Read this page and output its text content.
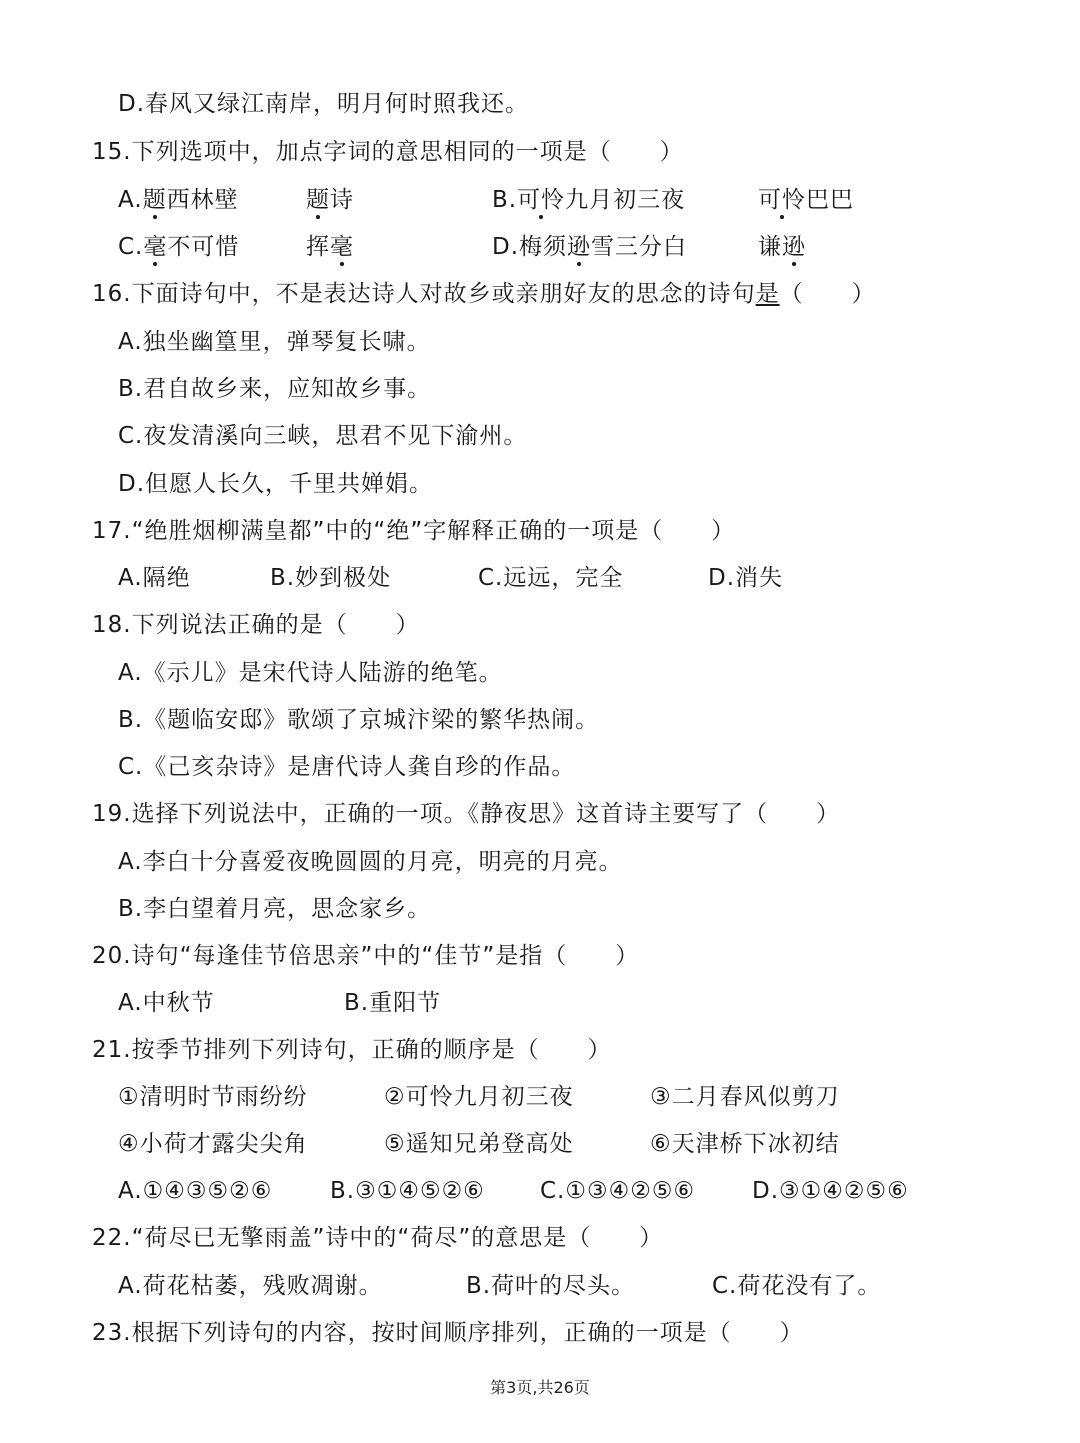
D.春风又绿江南岸，明月何时照我还。
15.下列选项中，加点字词的意思相同的一项是（　　）
A.题西林壁	题诗	B.可怜九月初三夜	可怜巴巴
C.毫不可惜	挥毫	D.梅须逊雪三分白	谦逊
16.下面诗句中，不是表达诗人对故乡或亲朋好友的思念的诗句是（　　）
A.独坐幽篁里，弹琴复长啸。
B.君自故乡来，应知故乡事。
C.夜发清溪向三峡，思君不见下渝州。
D.但愿人长久，千里共婵娟。
17.“绝胜烟柳满皇都”中的“绝”字解释正确的一项是（　　）
A.隔绝	B.妙到极处	C.远远，完全	D.消失
18.下列说法正确的是（　　）
A.《示儿》是宋代诗人陆游的绝笔。
B.《题临安邸》歌颂了京城汴梁的繁华热闹。
C.《己亥杂诗》是唐代诗人龚自珍的作品。
19.选择下列说法中，正确的一项。《静夜思》这首诗主要写了（　　）
A.李白十分喜爱夜晚圆圆的月亮，明亮的月亮。
B.李白望着月亮，思念家乡。
20.诗句“每逢佳节倍思亲”中的“佳节”是指（　　）
A.中秋节	B.重阳节
21.按季节排列下列诗句，正确的顺序是（　　）
①清明时节雨纷纷	②可怜九月初三夜	③二月春风似剪刀
④小荷才露尖尖角	⑤遥知兄弟登高处	⑥天津桥下冰初结
A.①④③⑤②⑥	B.③①④⑤②⑥ C.①③④②⑤⑥ D.③①④②⑤⑥
22.“荷尽已无擎雨盖”诗中的“荷尽”的意思是（　　）
A.荷花枯萎，残败凋谢。	B.荷叶的尽头。	C.荷花没有了。
23.根据下列诗句的内容，按时间顺序排列，正确的一项是（　　）
第3页,共26页
